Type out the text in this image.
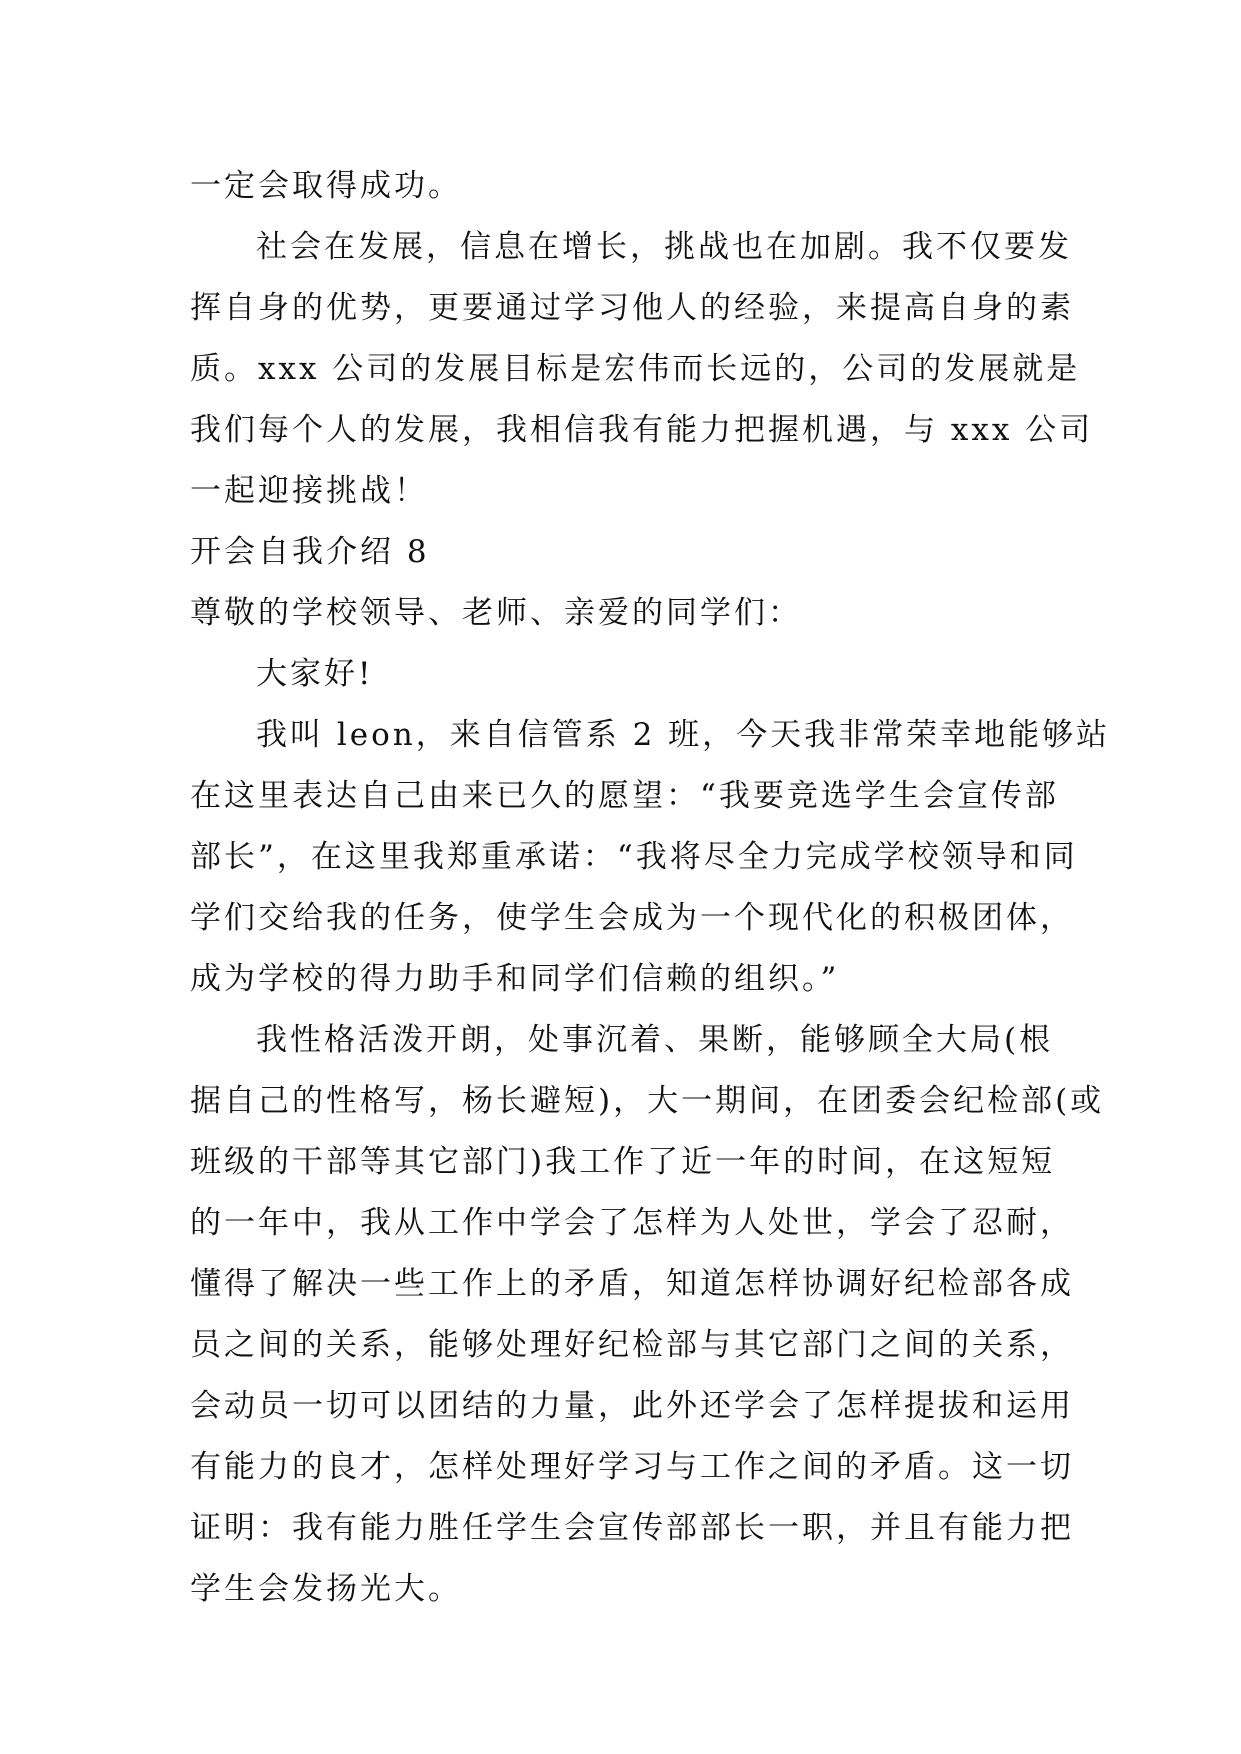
一定会取得成功。
社会在发展，信息在增长，挑战也在加剧。我不仅要发
挥自身的优势，更要通过学习他人的经验，来提高自身的素
质。xxx 公司的发展目标是宏伟而长远的，公司的发展就是
我们每个人的发展，我相信我有能力把握机遇，与 xxx 公司
一起迎接挑战！
开会自我介绍 8
尊敬的学校领导、老师、亲爱的同学们：
大家好!
我叫 leon，来自信管系 2 班，今天我非常荣幸地能够站
在这里表达自己由来已久的愿望：“我要竞选学生会宣传部
部长”，在这里我郑重承诺：“我将尽全力完成学校领导和同
学们交给我的任务，使学生会成为一个现代化的积极团体，
成为学校的得力助手和同学们信赖的组织。”
我性格活泼开朗，处事沉着、果断，能够顾全大局(根
据自己的性格写，杨长避短)，大一期间，在团委会纪检部(或
班级的干部等其它部门)我工作了近一年的时间，在这短短
的一年中，我从工作中学会了怎样为人处世，学会了忍耐，
懂得了解决一些工作上的矛盾，知道怎样协调好纪检部各成
员之间的关系，能够处理好纪检部与其它部门之间的关系，
会动员一切可以团结的力量，此外还学会了怎样提拔和运用
有能力的良才，怎样处理好学习与工作之间的矛盾。这一切
证明：我有能力胜任学生会宣传部部长一职，并且有能力把
学生会发扬光大。
